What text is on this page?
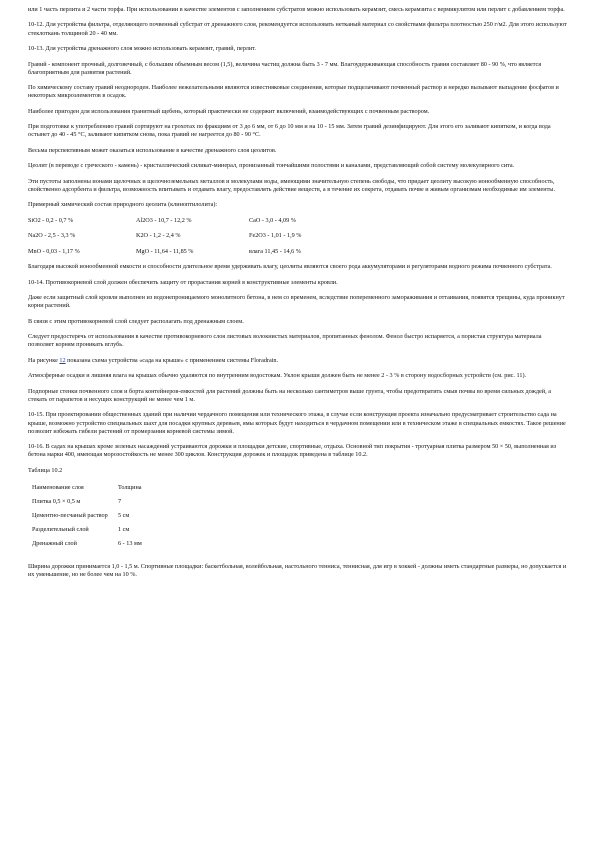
или 1 часть перлита и 2 части торфа. При использовании в качестве элементов с заполнением субстратов можно использовать керамзит, смесь керамзита с вермикулитом или перлит с добавлением торфа.

10-12. Для устройства фильтра, отделяющего почвенный субстрат от дренажного слоя, рекомендуется использовать нетканый материал со свойствами фильтра плотностью 250 г/м2. Для этого используют стеклоткань толщиной 20 - 40 мм.

10-13. Для устройства дренажного слоя можно использовать керамзит, гравий, перлит.

Гравий - компонент прочный, долговечный, с большим объемным весом (1,5), величина частиц должна быть 3 - 7 мм. Влагоудерживающая способность гравия составляет 80 - 90 %, что является благоприятным для развития растений.

По химическому составу гравий неоднороден. Наиболее нежелательными являются известняковые соединения, которые подщелачивают почвенный раствор и нередко вызывают выпадение фосфатов и некоторых микроэлементов в осадок.

Наиболее пригоден для использования гранитный щебень, который практически не содержит включений, взаимодействующих с почвенным раствором.

При подготовке к употреблению гравий сортируют на грохотах по фракциям от 3 до 6 мм, от 6 до 10 мм и на 10 - 15 мм. Затем гравий дезинфицируют. Для этого его заливают кипятком, и когда вода остынет до 40 - 45 °C, заливают кипятком снова, пока гравий не нагреется до 80 - 90 °C.

Весьма перспективным может оказаться использование в качестве дренажного слоя цеолитов.

Цеолит (в переводе с греческого - камень) - кристаллический силикат-минерал, пронизанный тончайшими полостями и каналами, представляющий собой систему молекулярного сита.

Эти пустоты заполнены ионами щелочных и щелочноземельных металлов и молекулами воды, имеющими значительную степень свободы, что придает цеолиту высокую ионообменную способность, свойственно адсорбента и фильтра, возможность впитывать и отдавать влагу, предоставлять действие веществ, а в течение их секрета, отдавать почве и живым организмам необходимые им элементы.

Примерный химический состав природного цеолита (клиноптилолита):

SiO2 - 0,2 - 0,7 %	Al2O3 - 10,7 - 12,2 %	CaO - 3,0 - 4,09 %
Na2O - 2,5 - 3,3 %	K2O - 1,2 - 2,4 %	Fe2O3 - 1,01 - 1,9 %
MnO - 0,03 - 1,17 %	MgO - 11,64 - 11,85 %	влага 11,45 - 14,6 %

Благодаря высокой ионообменной емкости и способности длительное время удерживать влагу, цеолиты являются своего рода аккумуляторами и регуляторами водного режима почвенного субстрата.

10-14. Противокорневой слой должен обеспечить защиту от прорастания корней в конструктивные элементы кровли.

Даже если защитный слой кровли выполнен из водонепроницаемого монолитного бетона, в нем со временем, вследствие попеременного замораживания и оттаивания, появятся трещины, куда проникнут корни растений.

В связи с этим противокорневой слой следует располагать под дренажным слоем.

Следует предостеречь от использования в качестве противокорневого слоя листовых волокнистых материалов, пропитанных фенолом. Фенол быстро испаряется, а пористая структура материала позволяет корням проникать вглубь.

На рисунке 12 показана схема устройства «сада на крыше» с применением системы Floradrain.

Атмосферные осадки и лишняя влага на крышах обычно удаляются по внутренним водостокам. Уклон крыши должен быть не менее 2 - 3 % в сторону водосборных устройств (см. рис. 11).

Подпорные стенки почвенного слоя и борта контейнеров-емкостей для растений должны быть на несколько сантиметров выше грунта, чтобы предотвратить смыв почвы во время сильных дождей, а стекать от парапетов и несущих конструкций не менее чем 1 м.

10-15. При проектировании общественных зданий при наличии чердачного помещения или технического этажа, в случае если конструкция проекта изначально предусматривает строительство сада на крыше, возможно устройство специальных шахт для посадки крупных деревьев, ямы которых будут находиться в чердачном помещении или в техническом этаже в специальных емкостях. Такое решение позволит избежать гибели растений от промерзания корневой системы зимой.

10-16. В садах на крышах кроме зеленых насаждений устраиваются дорожки и площадки детские, спортивные, отдыха. Основной тип покрытия - тротуарная плитка размером 50 × 50, выполненная из бетона марки 400, имеющая морозостойкость не менее 300 циклов. Конструкция дорожек и площадок приведена в таблице 10.2.

Таблица 10.2
Наименование слоя	Толщина
Плитка 0,5 × 0,5 м	7
Цементно-песчаный раствор	5 см
Разделительный слой	1 см
Дренажный слой	6 - 13 мм

Ширина дорожки принимается 1,0 - 1,5 м. Спортивные площадки: баскетбольная, волейбольная, настольного тенниса, теннисная, для игр в хоккей - должны иметь стандартные размеры, но допускается и их уменьшение, но не более чем на 10 %.
